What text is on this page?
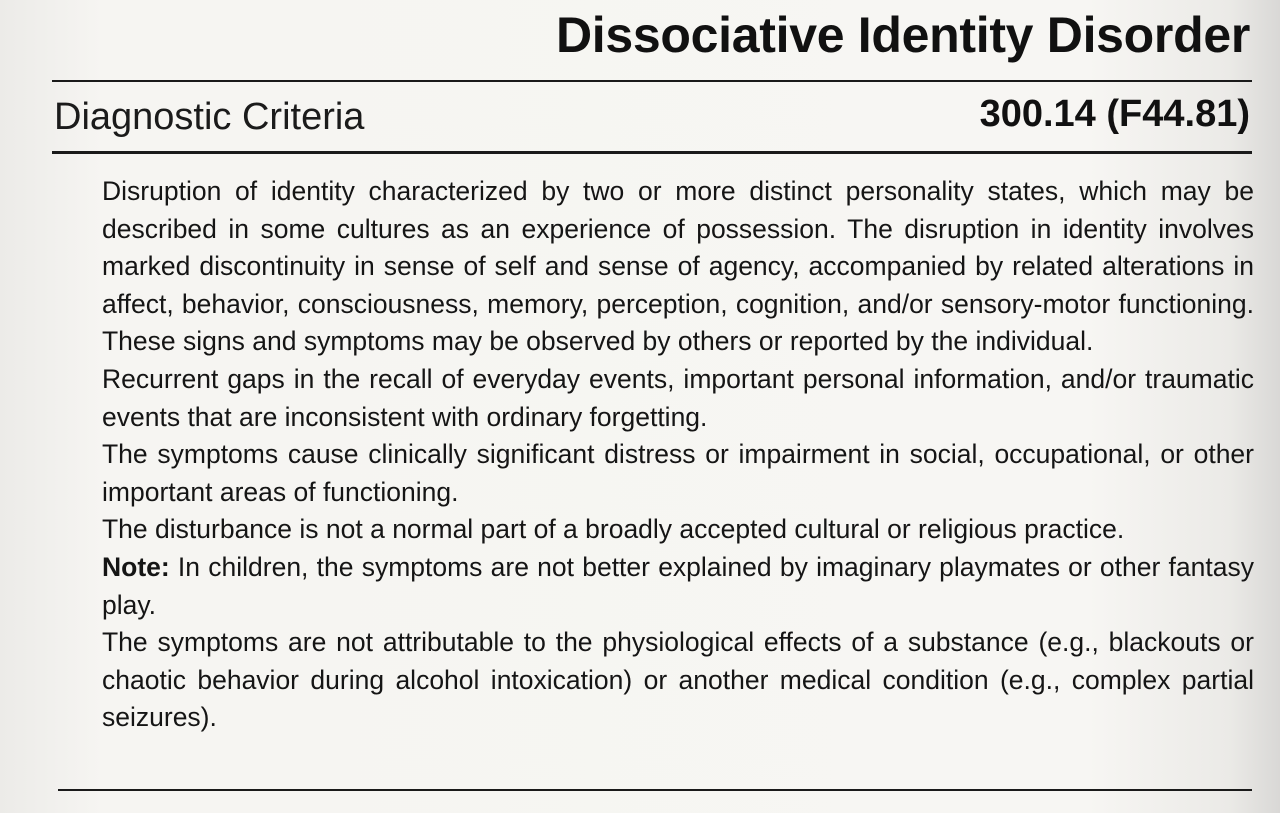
Dissociative Identity Disorder
Diagnostic Criteria	300.14 (F44.81)

Disruption of identity characterized by two or more distinct personality states, which may be described in some cultures as an experience of possession. The disruption in identity involves marked discontinuity in sense of self and sense of agency, accompanied by related alterations in affect, behavior, consciousness, memory, perception, cognition, and/or sensory-motor functioning. These signs and symptoms may be observed by others or reported by the individual.

Recurrent gaps in the recall of everyday events, important personal information, and/or traumatic events that are inconsistent with ordinary forgetting.

The symptoms cause clinically significant distress or impairment in social, occupational, or other important areas of functioning.

The disturbance is not a normal part of a broadly accepted cultural or religious practice.
Note: In children, the symptoms are not better explained by imaginary playmates or other fantasy play.

The symptoms are not attributable to the physiological effects of a substance (e.g., blackouts or chaotic behavior during alcohol intoxication) or another medical condition (e.g., complex partial seizures).
